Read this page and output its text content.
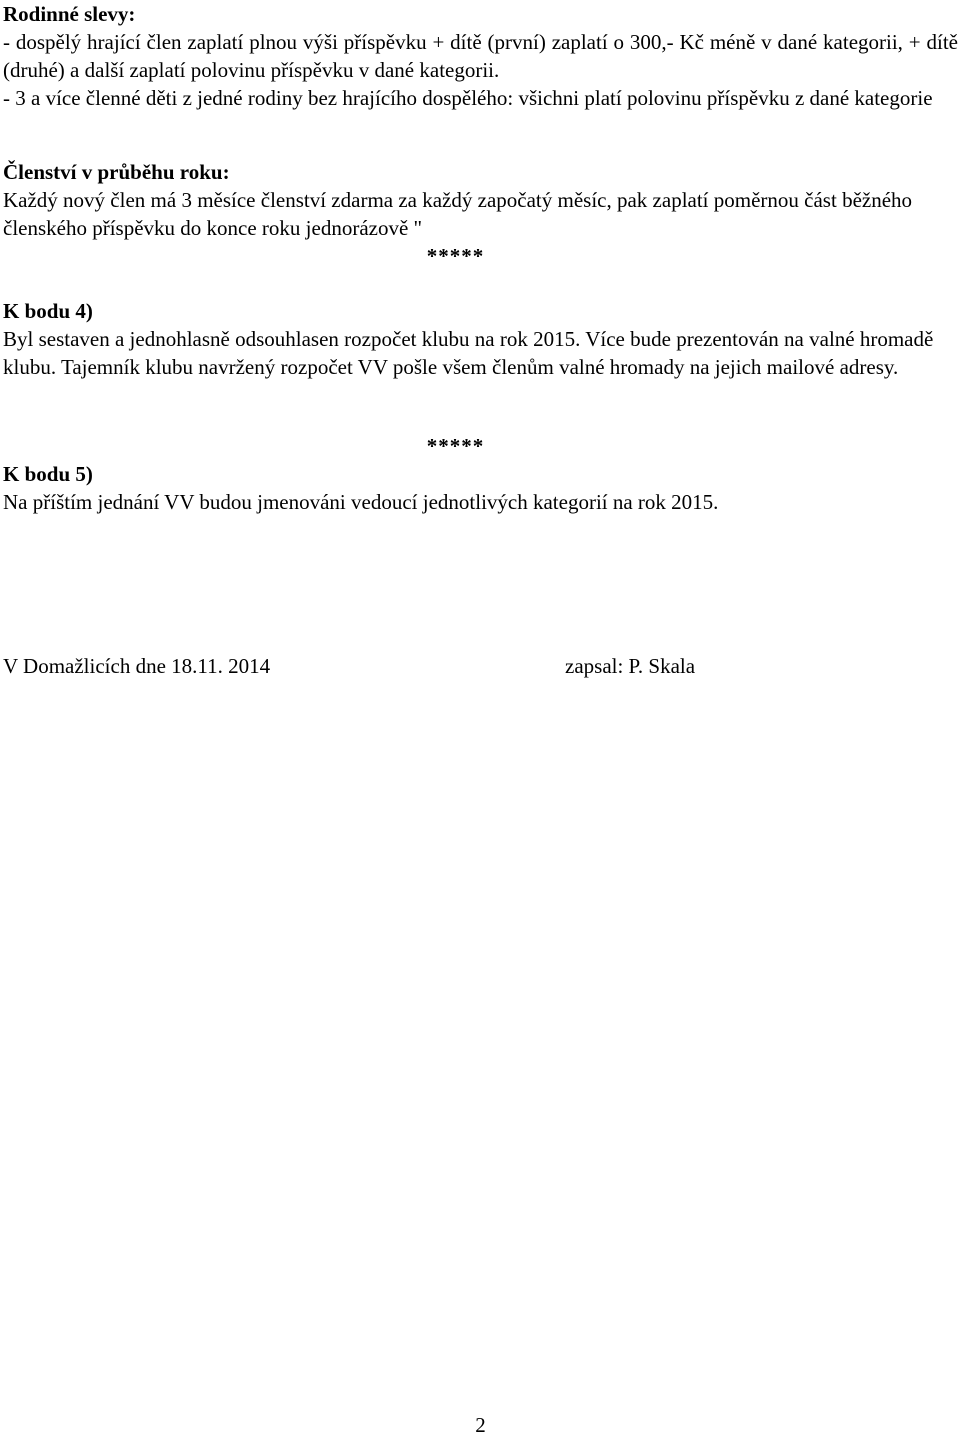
Rodinné slevy:
- dospělý hrající člen zaplatí plnou výši příspěvku + dítě (první) zaplatí o 300,- Kč méně v dané kategorii, + dítě (druhé) a další zaplatí polovinu příspěvku v dané kategorii.
- 3 a více členné děti z jedné rodiny bez hrajícího dospělého: všichni platí polovinu příspěvku z dané kategorie
Členství v průběhu roku:
Každý nový člen má 3 měsíce členství zdarma za každý započatý měsíc, pak zaplatí poměrnou část běžného členského příspěvku do konce roku jednorázově "
*****
K bodu 4)
Byl sestaven a jednohlasně odsouhlasen rozpočet klubu na rok 2015. Více bude prezentován na valné hromadě klubu. Tajemník klubu navržený rozpočet VV pošle všem členům valné hromady na jejich mailové adresy.
*****
K bodu 5)
Na příštím jednání VV budou jmenováni vedoucí jednotlivých kategorií na rok 2015.
V Domažlicích dne 18.11. 2014	zapsal: P. Skala
2
